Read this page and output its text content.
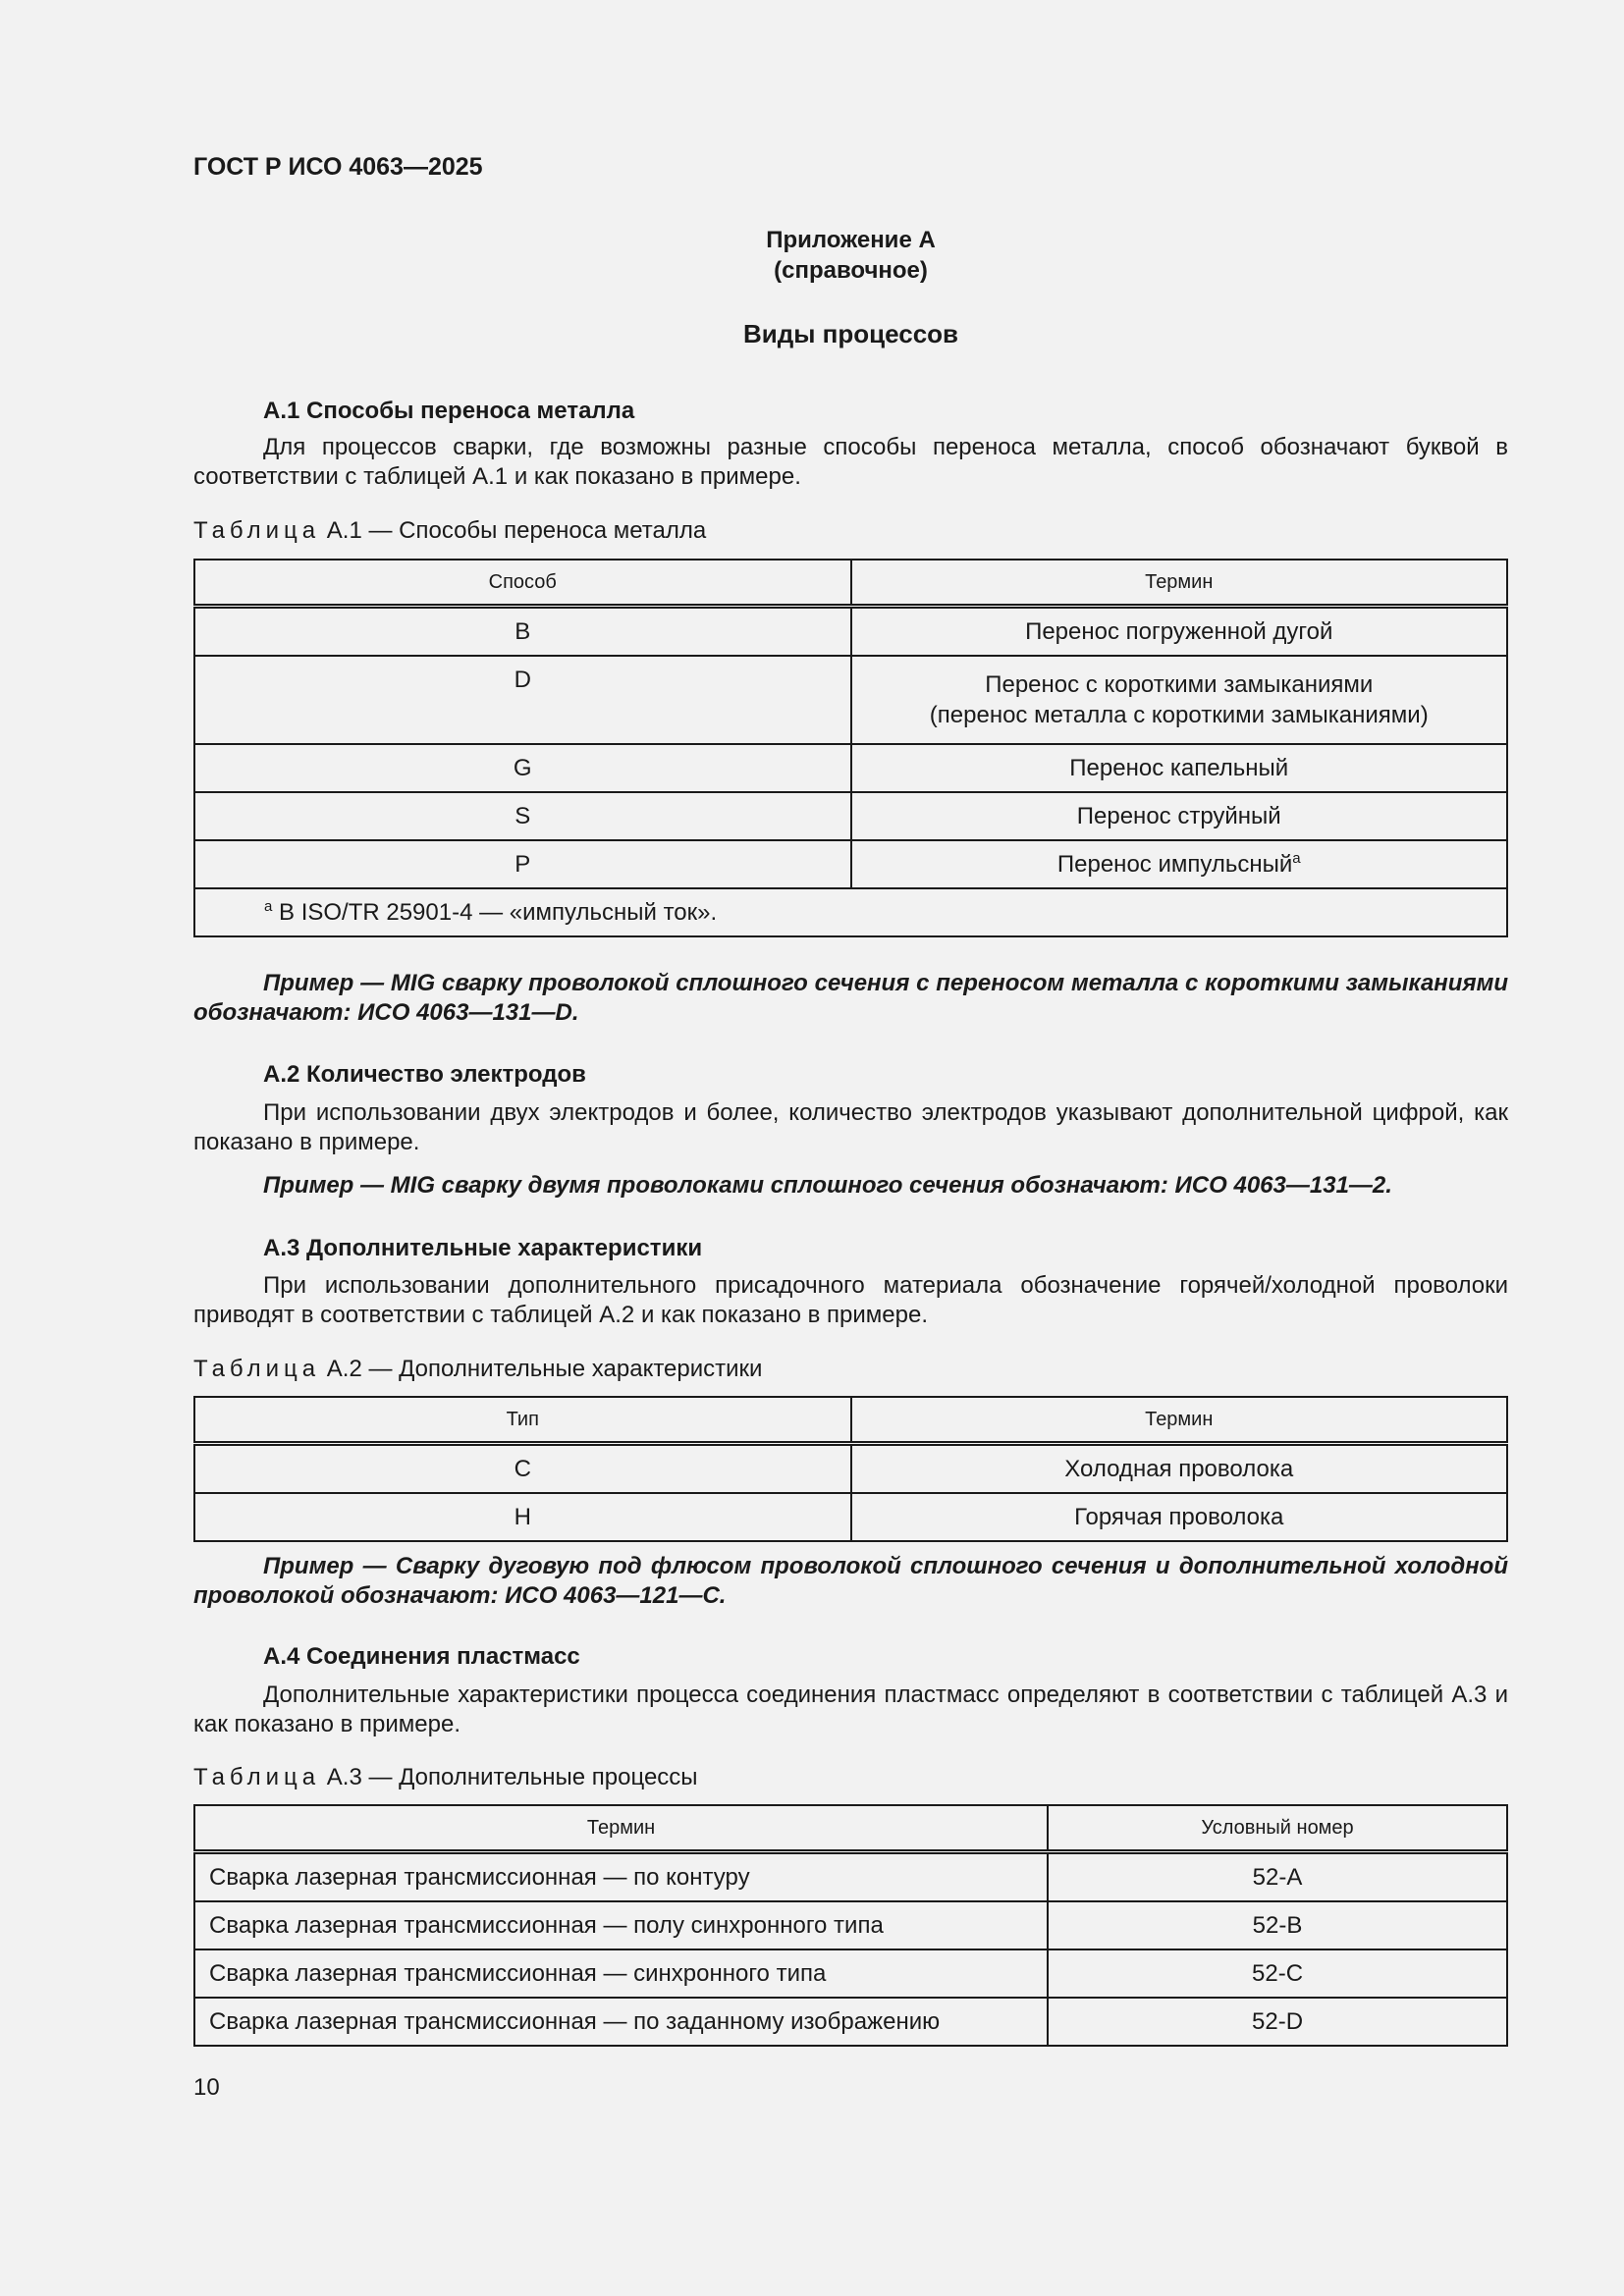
ГОСТ Р ИСО 4063—2025
Приложение А
(справочное)
Виды процессов
А.1 Способы переноса металла

Для процессов сварки, где возможны разные способы переноса металла, способ обозначают буквой в соответствии с таблицей А.1 и как показано в примере.

Таблица А.1 — Способы переноса металла
Способ	Термин
B	Перенос погруженной дугой
D	Перенос с короткими замыканиями
(перенос металла с короткими замыканиями)
G	Перенос капельный
S	Перенос струйный
P	Перенос импульсный$^a$
$^a$ В ISO/TR 25901-4 — «импульсный ток».	
Пример — MIG сварку проволокой сплошного сечения с переносом металла с короткими замыканиями обозначают: ИСО 4063—131—D.
А.2 Количество электродов

При использовании двух электродов и более, количество электродов указывают дополнительной цифрой, как показано в примере.

Пример — MIG сварку двумя проволоками сплошного сечения обозначают: ИСО 4063—131—2.
А.3 Дополнительные характеристики

При использовании дополнительного присадочного материала обозначение горячей/холодной проволоки приводят в соответствии с таблицей А.2 и как показано в примере.

Таблица А.2 — Дополнительные характеристики
Тип	Термин
C	Холодная проволока
H	Горячая проволока
Пример — Сварку дуговую под флюсом проволокой сплошного сечения и дополнительной холодной проволокой обозначают: ИСО 4063—121—C.
А.4 Соединения пластмасс

Дополнительные характеристики процесса соединения пластмасс определяют в соответствии с таблицей А.3 и как показано в примере.

Таблица А.3 — Дополнительные процессы
Термин	Условный номер
Сварка лазерная трансмиссионная — по контуру	52-A
Сварка лазерная трансмиссионная — полу синхронного типа	52-B
Сварка лазерная трансмиссионная — синхронного типа	52-C
Сварка лазерная трансмиссионная — по заданному изображению	52-D
10
